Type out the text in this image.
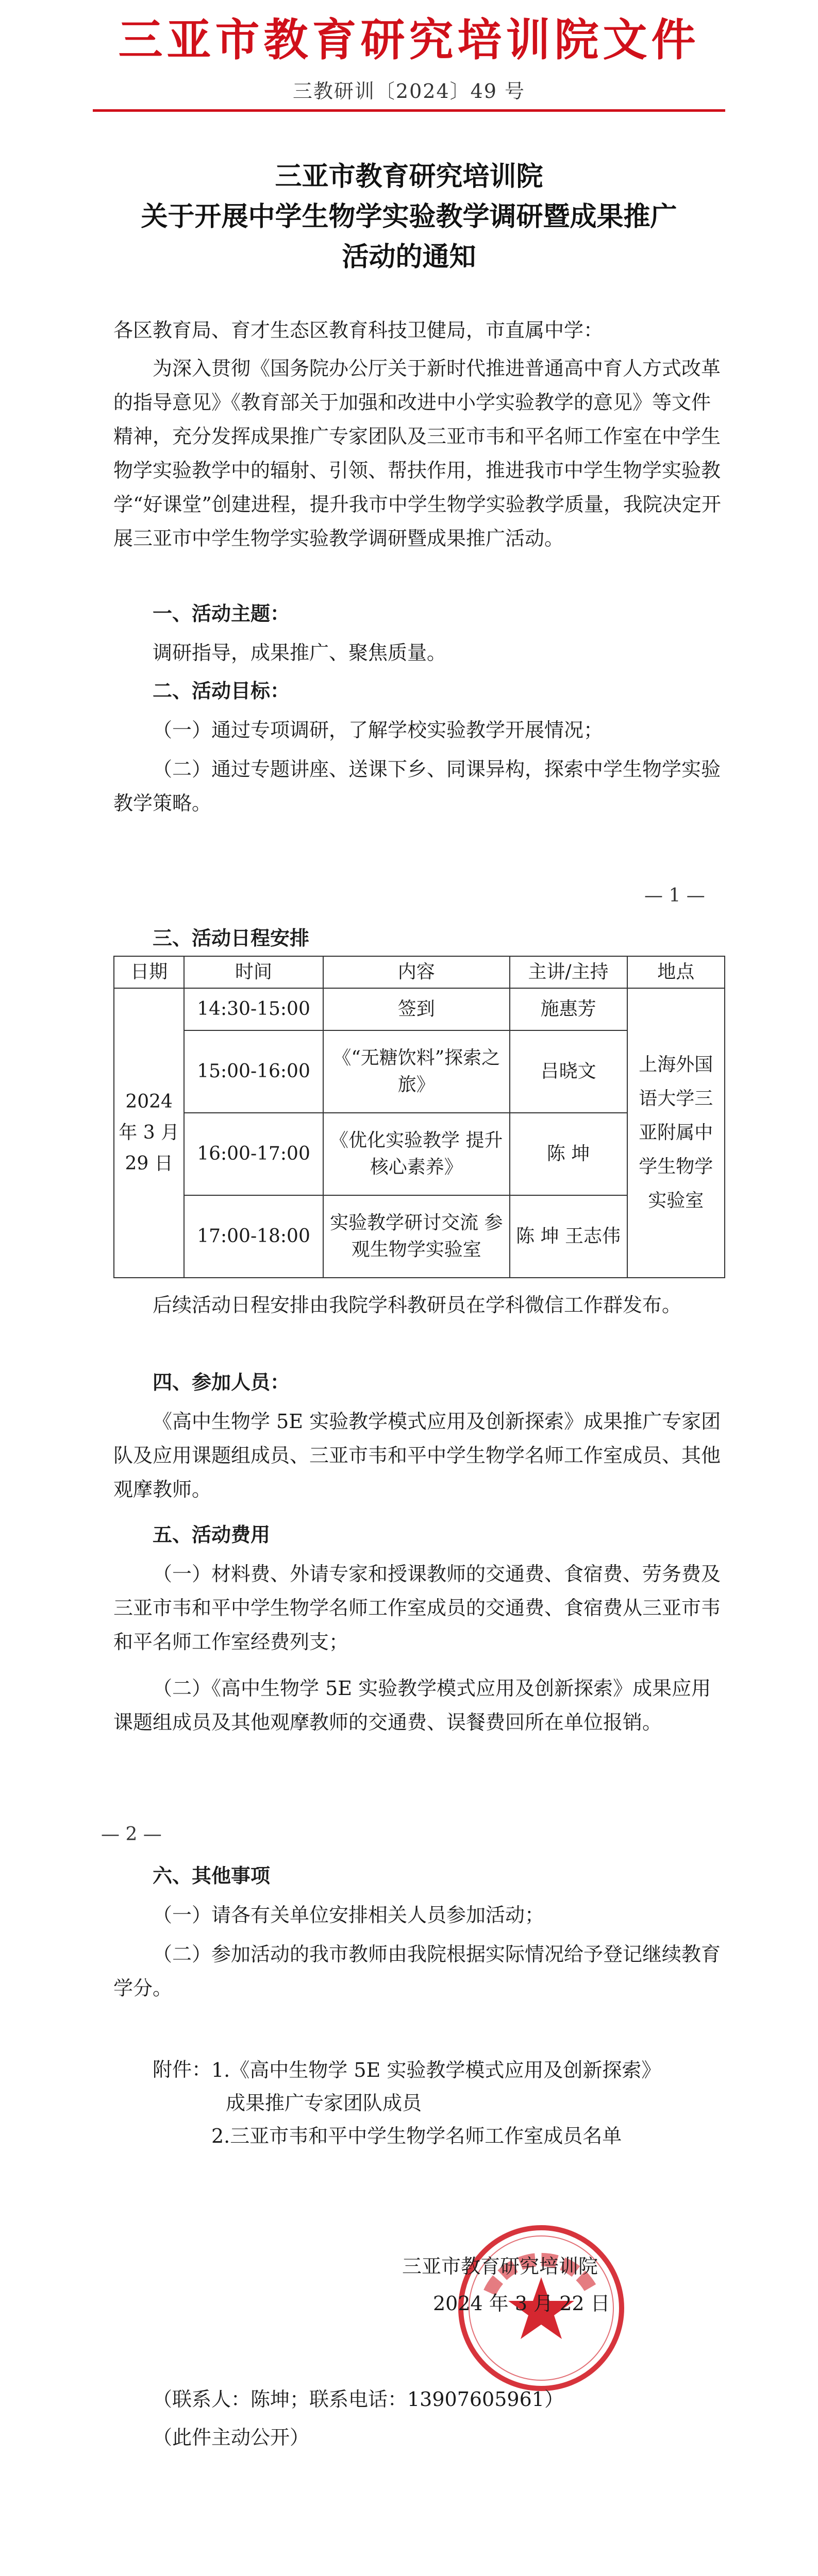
三亚市教育研究培训院文件
三教研训〔2024〕49 号
三亚市教育研究培训院
关于开展中学生物学实验教学调研暨成果推广
活动的通知
各区教育局、育才生态区教育科技卫健局，市直属中学：
为深入贯彻《国务院办公厅关于新时代推进普通高中育人方式改革的指导意见》《教育部关于加强和改进中小学实验教学的意见》等文件精神，充分发挥成果推广专家团队及三亚市韦和平名师工作室在中学生物学实验教学中的辐射、引领、帮扶作用，推进我市中学生物学实验教学“好课堂”创建进程，提升我市中学生物学实验教学质量，我院决定开展三亚市中学生物学实验教学调研暨成果推广活动。
一、活动主题：
调研指导，成果推广、聚焦质量。
二、活动目标：
（一）通过专项调研，了解学校实验教学开展情况；
（二）通过专题讲座、送课下乡、同课异构，探索中学生物学实验教学策略。
— 1 —
三、活动日程安排
日期	时间	内容	主讲/主持	地点
2024 年 3 月 29 日	14:30-15:00	签到	施惠芳	上海外国语大学三亚附属中学生物学实验室
	15:00-16:00	《“无糖饮料”探索之旅》	吕晓文	
	16:00-17:00	《优化实验教学 提升核心素养》	陈 坤	
	17:00-18:00	实验教学研讨交流 参观生物学实验室	陈 坤 王志伟	
后续活动日程安排由我院学科教研员在学科微信工作群发布。
四、参加人员：
《高中生物学 5E 实验教学模式应用及创新探索》成果推广专家团队及应用课题组成员、三亚市韦和平中学生物学名师工作室成员、其他观摩教师。
五、活动费用
（一）材料费、外请专家和授课教师的交通费、食宿费、劳务费及三亚市韦和平中学生物学名师工作室成员的交通费、食宿费从三亚市韦和平名师工作室经费列支；
（二）《高中生物学 5E 实验教学模式应用及创新探索》成果应用课题组成员及其他观摩教师的交通费、误餐费回所在单位报销。
— 2 —
六、其他事项
（一）请各有关单位安排相关人员参加活动；
（二）参加活动的我市教师由我院根据实际情况给予登记继续教育学分。
附件： 1.《高中生物学 5E 实验教学模式应用及创新探索》
成果推广专家团队成员
2.三亚市韦和平中学生物学名师工作室成员名单
三亚市教育研究培训院
2024 年 3 月 22 日
（联系人：陈坤；联系电话：13907605961）
（此件主动公开）
